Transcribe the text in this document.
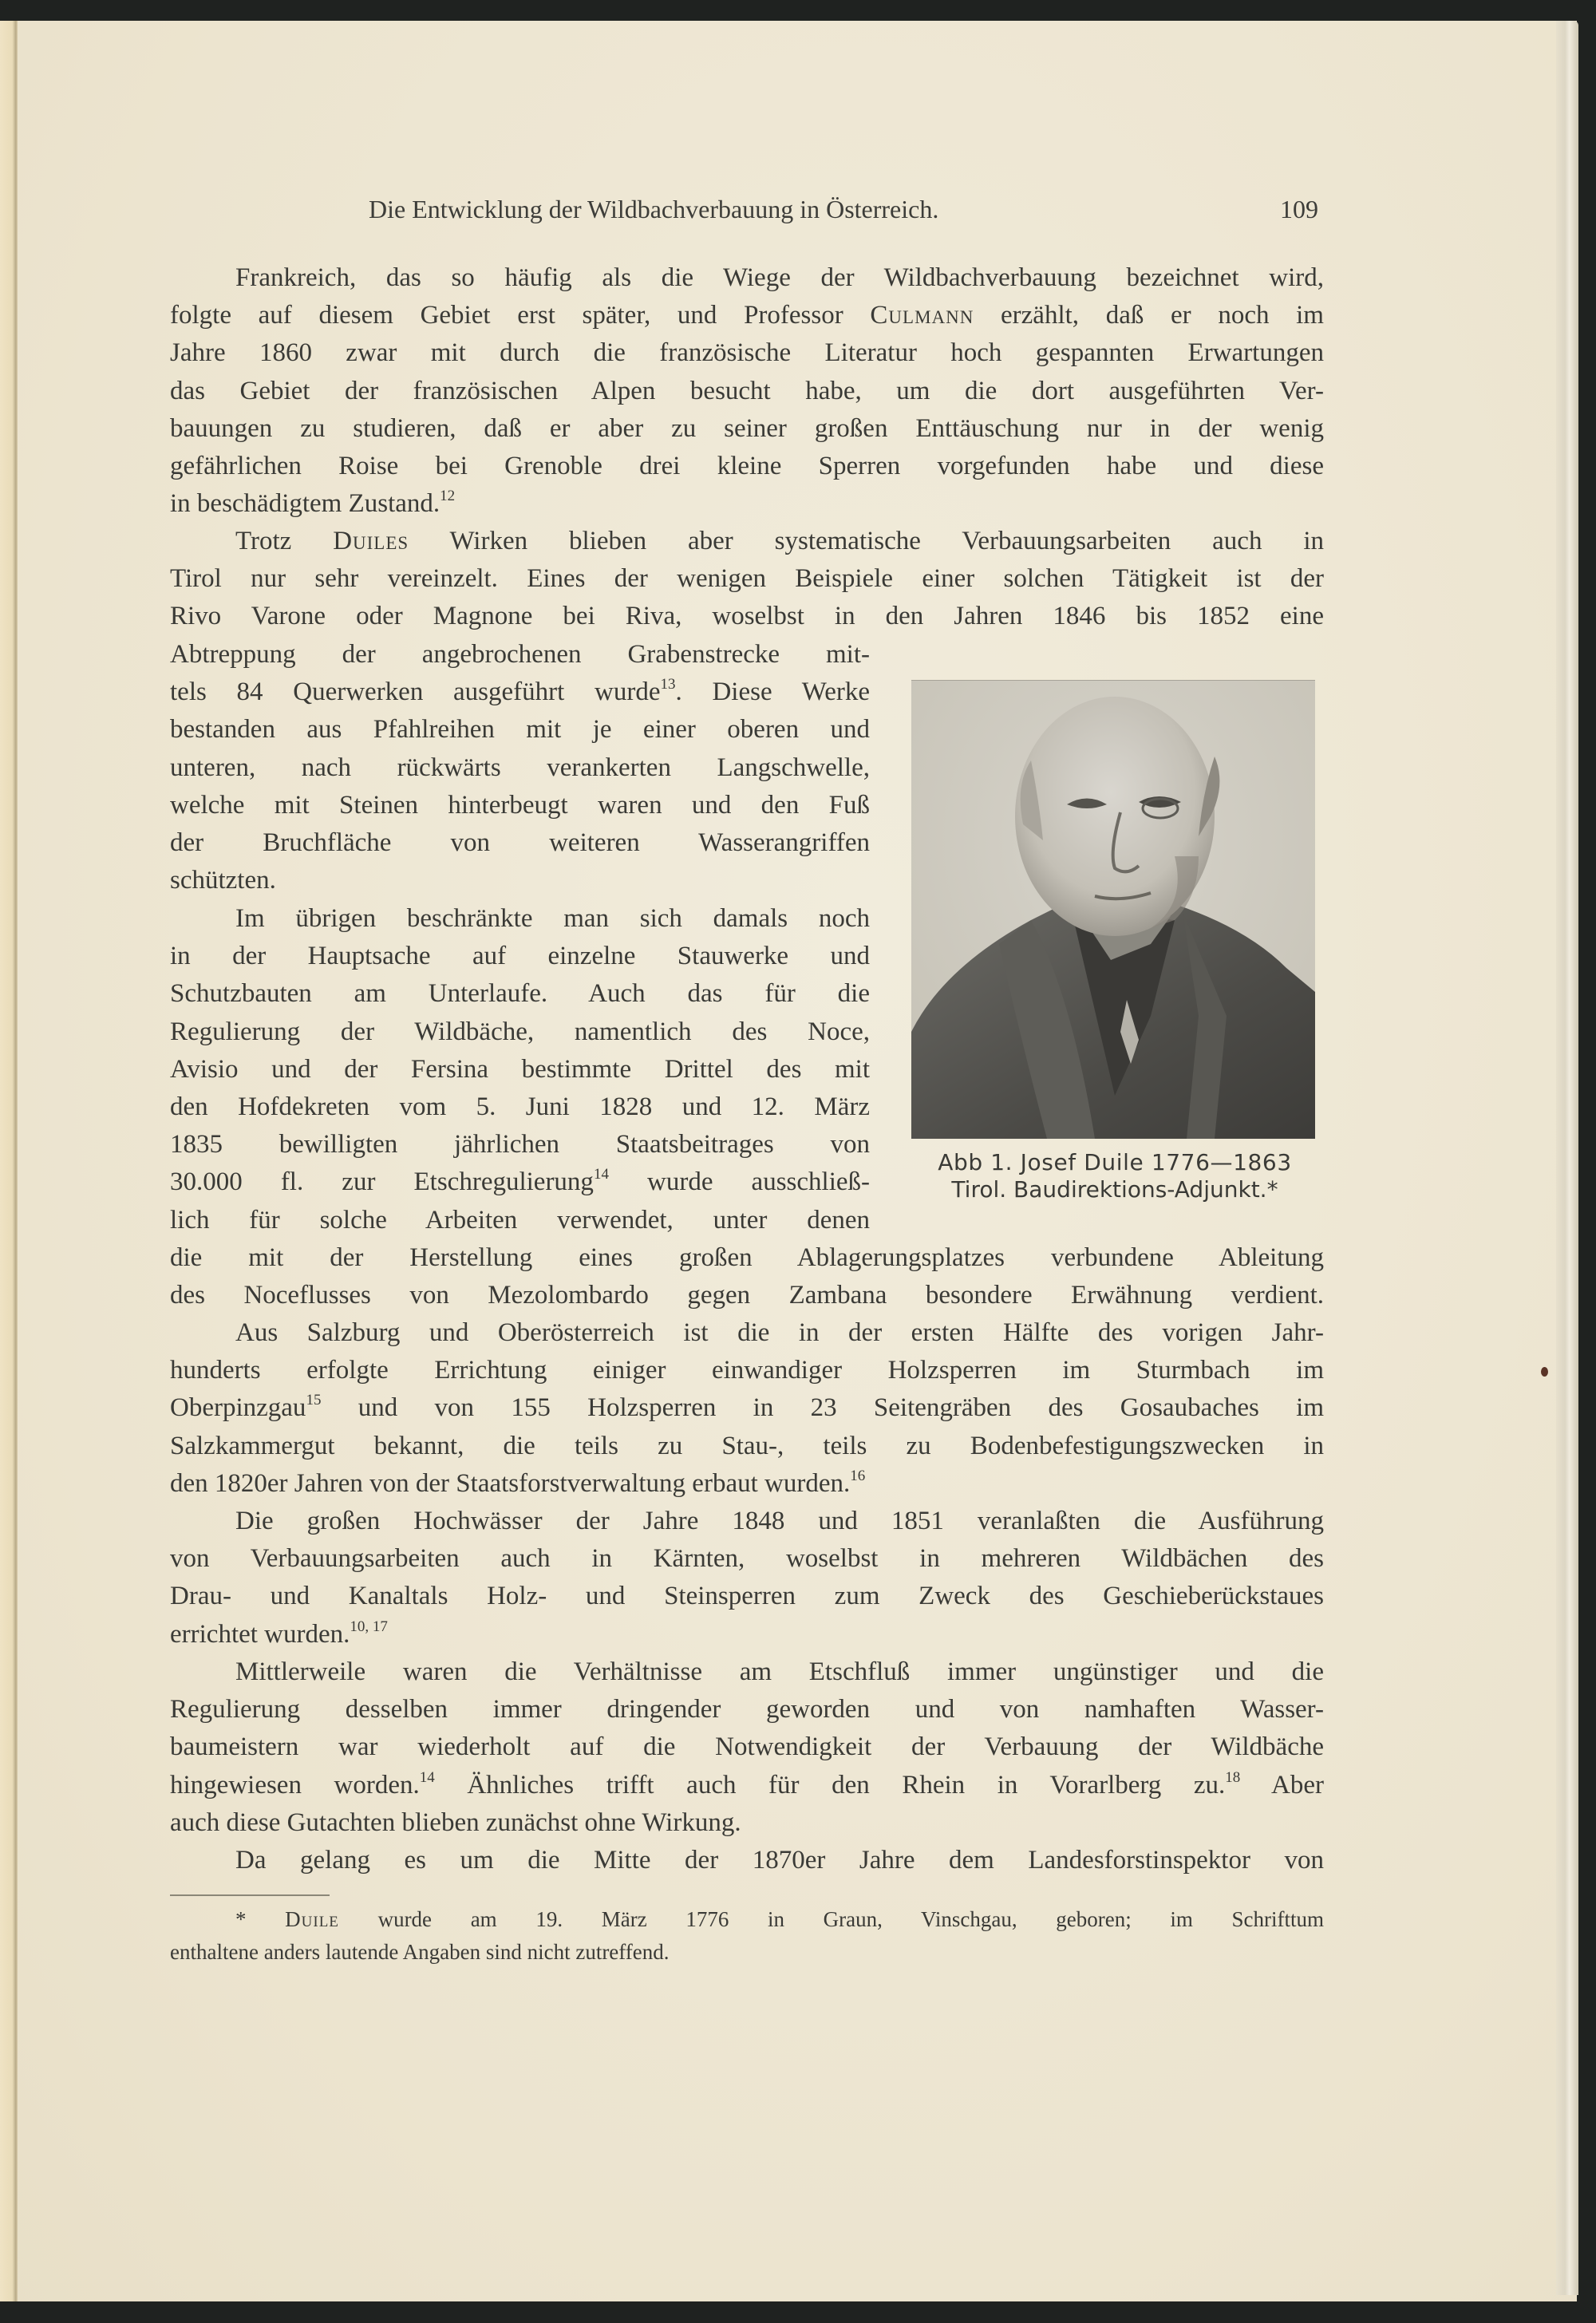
Die Entwicklung der Wildbachverbauung in Österreich.	109
Frankreich, das so häufig als die Wiege der Wildbachverbauung bezeichnet wird,
folgte auf diesem Gebiet erst später, und Professor Culmann erzählt, daß er noch im
Jahre 1860 zwar mit durch die französische Literatur hoch gespannten Erwartungen
das Gebiet der französischen Alpen besucht habe, um die dort ausgeführten Ver-
bauungen zu studieren, daß er aber zu seiner großen Enttäuschung nur in der wenig
gefährlichen Roise bei Grenoble drei kleine Sperren vorgefunden habe und diese
in beschädigtem Zustand.$^{12}$
Trotz Duiles Wirken blieben aber systematische Verbauungsarbeiten auch in
Tirol nur sehr vereinzelt. Eines der wenigen Beispiele einer solchen Tätigkeit ist der
Rivo Varone oder Magnone bei Riva, woselbst in den Jahren 1846 bis 1852 eine
Abtreppung der angebrochenen Grabenstrecke mit-
tels 84 Querwerken ausgeführt wurde$^{13}$. Diese Werke
bestanden aus Pfahlreihen mit je einer oberen und
unteren, nach rückwärts verankerten Langschwelle,
welche mit Steinen hinterbeugt waren und den Fuß
der Bruchfläche von weiteren Wasserangriffen
schützten.
Im übrigen beschränkte man sich damals noch
in der Hauptsache auf einzelne Stauwerke und
Schutzbauten am Unterlaufe. Auch das für die
Regulierung der Wildbäche, namentlich des Noce,
Avisio und der Fersina bestimmte Drittel des mit
den Hofdekreten vom 5. Juni 1828 und 12. März
1835 bewilligten jährlichen Staatsbeitrages von
30.000 fl. zur Etschregulierung$^{14}$ wurde ausschließ-
lich für solche Arbeiten verwendet, unter denen
die mit der Herstellung eines großen Ablagerungsplatzes verbundene Ableitung
des Noceflusses von Mezolombardo gegen Zambana besondere Erwähnung verdient.
Aus Salzburg und Oberösterreich ist die in der ersten Hälfte des vorigen Jahr-
hunderts erfolgte Errichtung einiger einwandiger Holzsperren im Sturmbach im
Oberpinzgau$^{15}$ und von 155 Holzsperren in 23 Seitengräben des Gosaubaches im
Salzkammergut bekannt, die teils zu Stau-, teils zu Bodenbefestigungszwecken in
den 1820er Jahren von der Staatsforstverwaltung erbaut wurden.$^{16}$
Die großen Hochwässer der Jahre 1848 und 1851 veranlaßten die Ausführung
von Verbauungsarbeiten auch in Kärnten, woselbst in mehreren Wildbächen des
Drau- und Kanaltals Holz- und Steinsperren zum Zweck des Geschieberückstaues
errichtet wurden.$^{10, 17}$
Mittlerweile waren die Verhältnisse am Etschfluß immer ungünstiger und die
Regulierung desselben immer dringender geworden und von namhaften Wasser-
baumeistern war wiederholt auf die Notwendigkeit der Verbauung der Wildbäche
hingewiesen worden.$^{14}$ Ähnliches trifft auch für den Rhein in Vorarlberg zu.$^{18}$ Aber
auch diese Gutachten blieben zunächst ohne Wirkung.
Da gelang es um die Mitte der 1870er Jahre dem Landesforstinspektor von
Abb 1. Josef Duile 1776—1863
Tirol. Baudirektions-Adjunkt.*
* Duile wurde am 19. März 1776 in Graun, Vinschgau, geboren; im Schrifttum
enthaltene anders lautende Angaben sind nicht zutreffend.
